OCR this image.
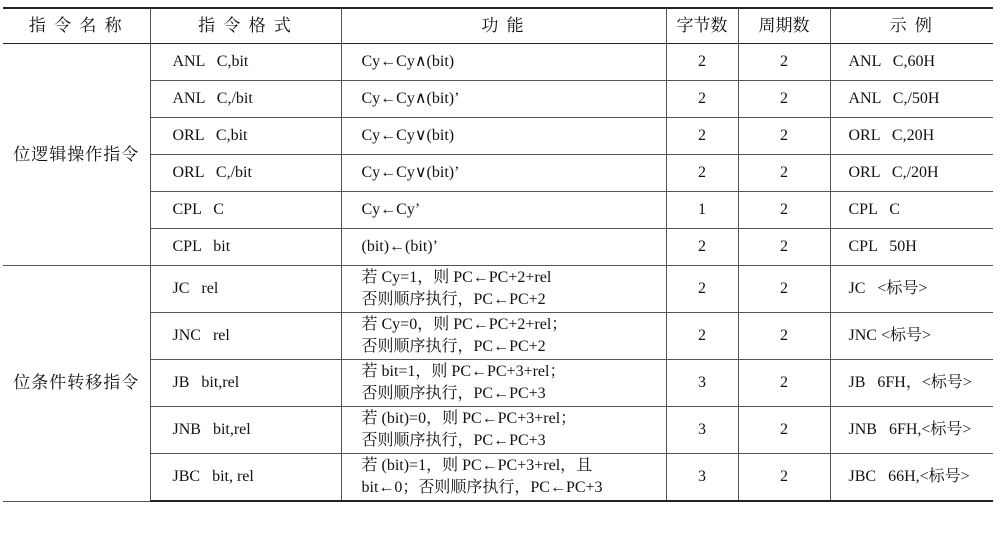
指 令 名 称	指 令 格 式	功 能	字节数	周期数	示 例
位逻辑操作指令	ANL   C,bit	Cy←Cy∧(bit)	2	2	ANL   C,60H
	ANL   C,/bit	Cy←Cy∧(bit)’	2	2	ANL   C,/50H
	ORL   C,bit	Cy←Cy∨(bit)	2	2	ORL   C,20H
	ORL   C,/bit	Cy←Cy∨(bit)’	2	2	ORL   C,/20H
	CPL   C	Cy←Cy’	1	2	CPL   C
	CPL   bit	(bit)←(bit)’	2	2	CPL   50H
位条件转移指令	JC   rel	若 Cy=1，则 PC←PC+2+rel
否则顺序执行，PC←PC+2	2	2	JC   <标号>
	JNC   rel	若 Cy=0，则 PC←PC+2+rel；
否则顺序执行，PC←PC+2	2	2	JNC <标号>
	JB   bit,rel	若 bit=1，则 PC←PC+3+rel；
否则顺序执行，PC←PC+3	3	2	JB   6FH，<标号>
	JNB   bit,rel	若 (bit)=0，则 PC←PC+3+rel；
否则顺序执行，PC←PC+3	3	2	JNB   6FH,<标号>
	JBC   bit, rel	若 (bit)=1，则 PC←PC+3+rel，且
bit←0；否则顺序执行，PC←PC+3	3	2	JBC   66H,<标号>
